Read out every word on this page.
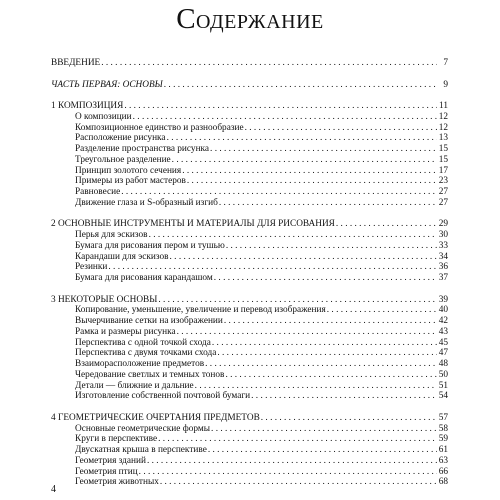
Содержание
ВВЕДЕНИЕ . . .	7
ЧАСТЬ ПЕРВАЯ: ОСНОВЫ . . .	9
1 КОМПОЗИЦИЯ . . .	11
О композиции . . .	12
Композиционное единство и разнообразие . . .	12
Расположение рисунка . . .	13
Разделение пространства рисунка . . .	15
Треугольное разделение . . .	15
Принцип золотого сечения . . .	17
Примеры из работ мастеров . . .	23
Равновесие . . .	27
Движение глаза и S-образный изгиб . . .	27
2 ОСНОВНЫЕ ИНСТРУМЕНТЫ И МАТЕРИАЛЫ ДЛЯ РИСОВАНИЯ . . .	29
Перья для эскизов . . .	30
Бумага для рисования пером и тушью . . .	33
Карандаши для эскизов . . .	34
Резинки . . .	36
Бумага для рисования карандашом . . .	37
3 НЕКОТОРЫЕ ОСНОВЫ . . .	39
Копирование, уменьшение, увеличение и перевод изображения . . .	40
Вычерчивание сетки на изображении . . .	42
Рамка и размеры рисунка . . .	43
Перспектива с одной точкой схода . . .	45
Перспектива с двумя точками схода . . .	47
Взаиморасположение предметов . . .	48
Чередование светлых и темных тонов . . .	50
Детали — ближние и дальние . . .	51
Изготовление собственной почтовой бумаги . . .	54
4 ГЕОМЕТРИЧЕСКИЕ ОЧЕРТАНИЯ ПРЕДМЕТОВ . . .	57
Основные геометрические формы . . .	58
Круги в перспективе . . .	59
Двускатная крыша в перспективе . . .	61
Геометрия зданий . . .	63
Геометрия птиц . . .	66
Геометрия животных . . .	68
4
